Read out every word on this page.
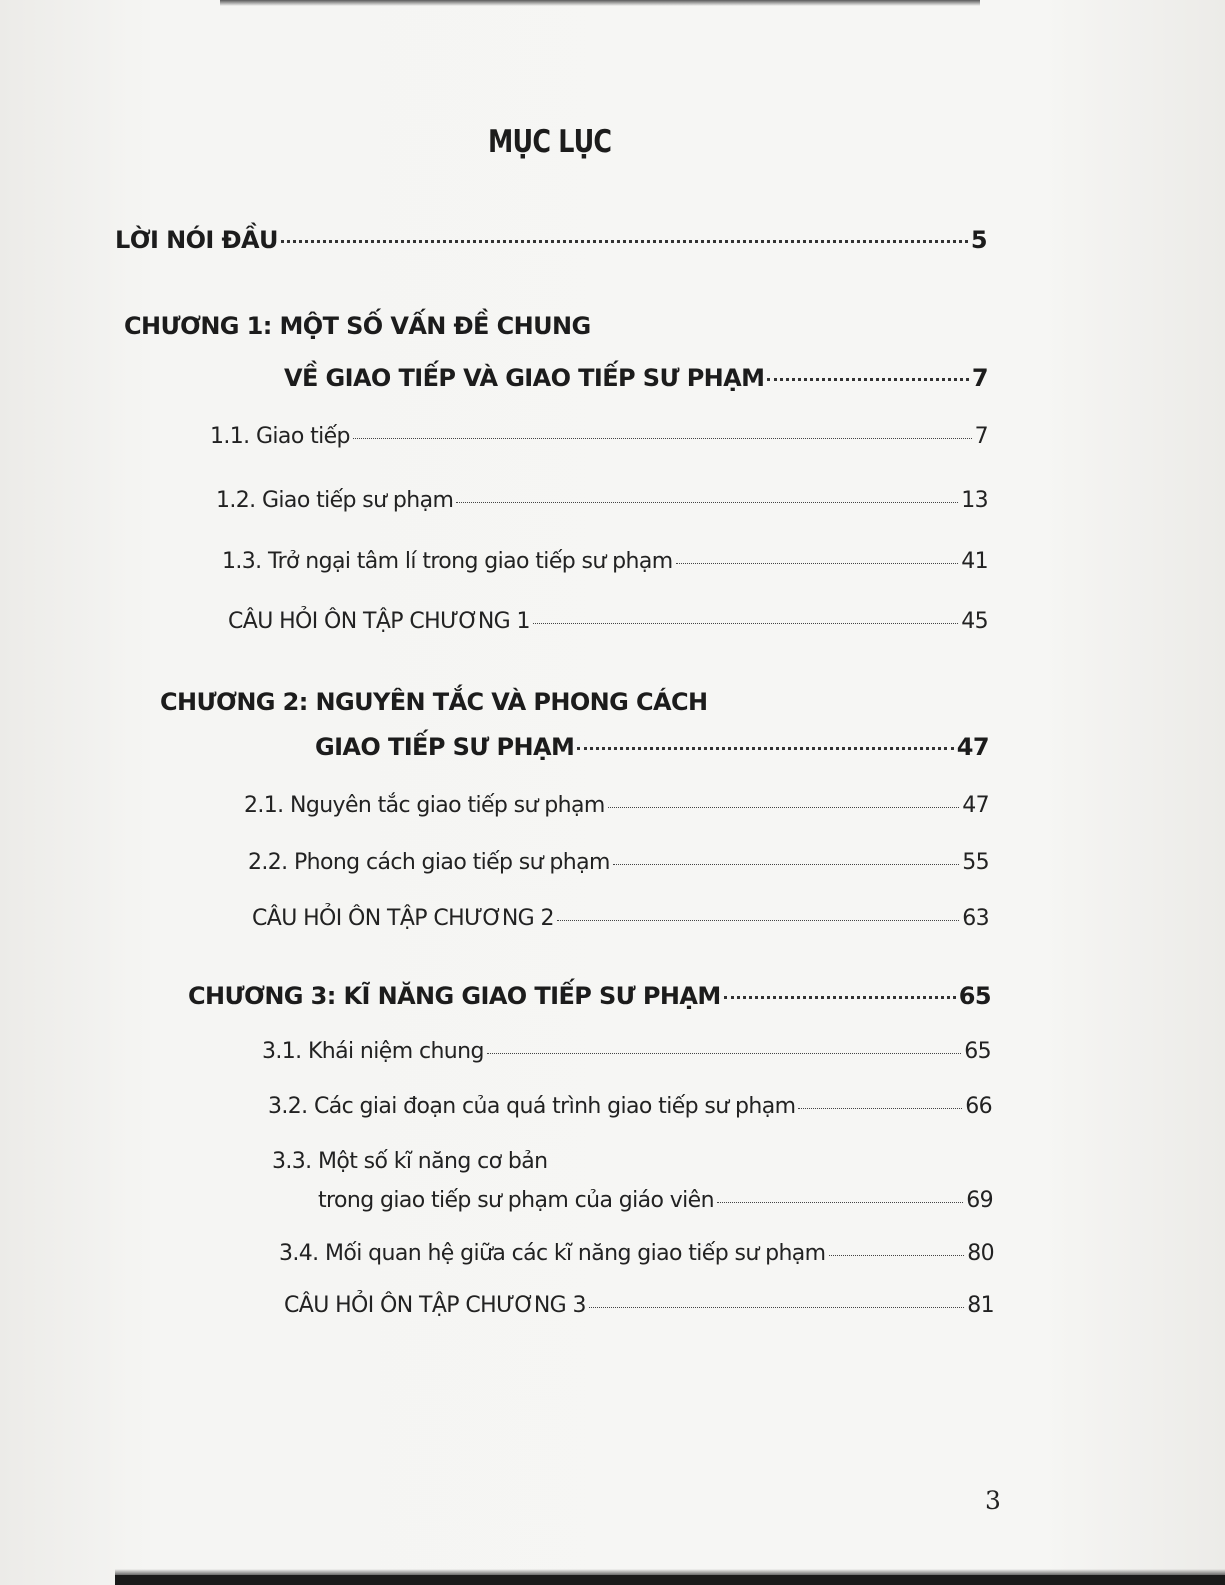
MỤC LỤC
LỜI NÓI ĐẦU	5
CHƯƠNG 1: MỘT SỐ VẤN ĐỀ CHUNG
VỀ GIAO TIẾP VÀ GIAO TIẾP SƯ PHẠM	7
1.1. Giao tiếp	7
1.2. Giao tiếp sư phạm	13
1.3. Trở ngại tâm lí trong giao tiếp sư phạm	41
CÂU HỎI ÔN TẬP CHƯƠNG 1	45
CHƯƠNG 2: NGUYÊN TẮC VÀ PHONG CÁCH
GIAO TIẾP SƯ PHẠM	47
2.1. Nguyên tắc giao tiếp sư phạm	47
2.2. Phong cách giao tiếp sư phạm	55
CÂU HỎI ÔN TẬP CHƯƠNG 2	63
CHƯƠNG 3: KĨ NĂNG GIAO TIẾP SƯ PHẠM	65
3.1. Khái niệm chung	65
3.2. Các giai đoạn của quá trình giao tiếp sư phạm	66
3.3. Một số kĩ năng cơ bản
trong giao tiếp sư phạm của giáo viên	69
3.4. Mối quan hệ giữa các kĩ năng giao tiếp sư phạm	80
CÂU HỎI ÔN TẬP CHƯƠNG 3	81
3
